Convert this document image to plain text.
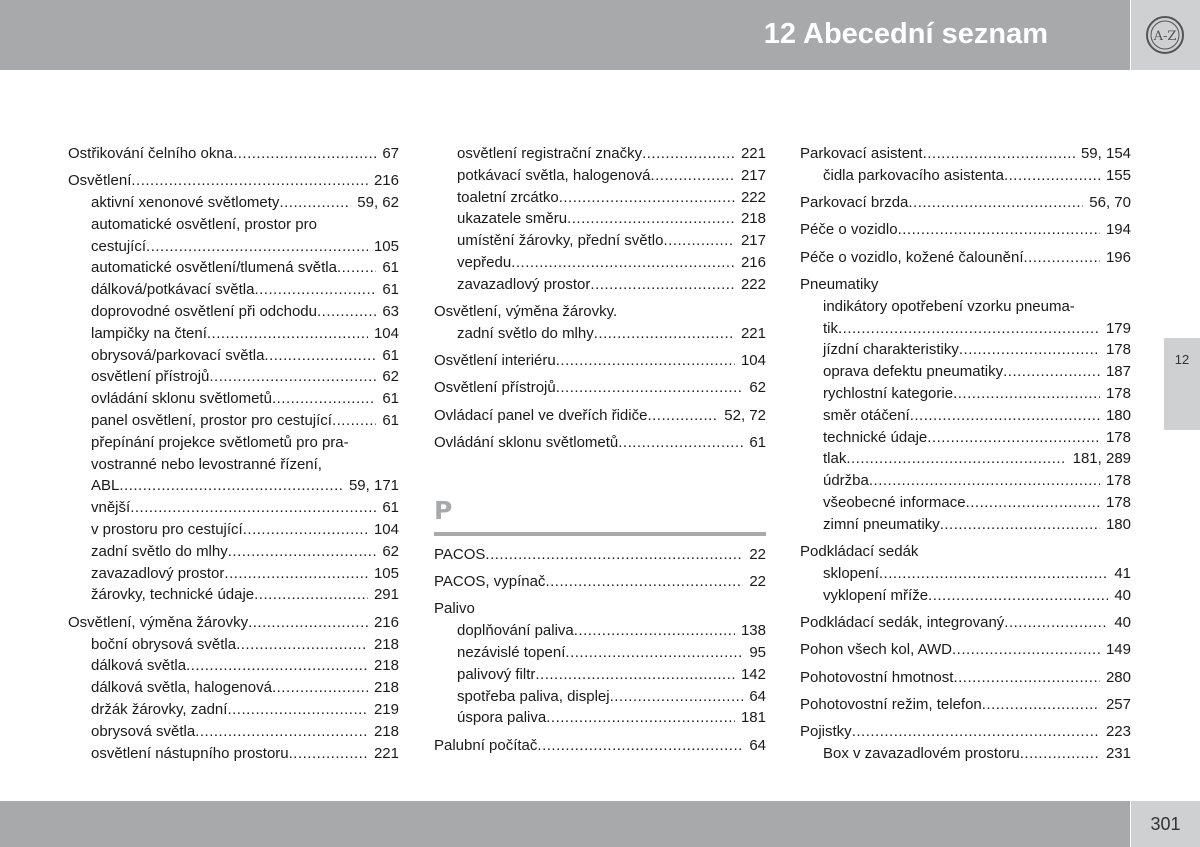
12 Abecední seznam	A-Z
12
Ostřikování čelního okna .....	67
Osvětlení .....	216
aktivní xenonové světlomety .....	59, 62
automatické osvětlení, prostor pro
cestující .....	105
automatické osvětlení/tlumená světla .....	61
dálková/potkávací světla .....	61
doprovodné osvětlení při odchodu .....	63
lampičky na čtení .....	104
obrysová/parkovací světla .....	61
osvětlení přístrojů .....	62
ovládání sklonu světlometů .....	61
panel osvětlení, prostor pro cestující .....	61
přepínání projekce světlometů pro pra-
vostranné nebo levostranné řízení,
ABL .....	59, 171
vnější .....	61
v prostoru pro cestující .....	104
zadní světlo do mlhy .....	62
zavazadlový prostor .....	105
žárovky, technické údaje .....	291
Osvětlení, výměna žárovky .....	216
boční obrysová světla .....	218
dálková světla .....	218
dálková světla, halogenová .....	218
držák žárovky, zadní .....	219
obrysová světla .....	218
osvětlení nástupního prostoru .....	221
osvětlení registrační značky .....	221
potkávací světla, halogenová .....	217
toaletní zrcátko .....	222
ukazatele směru .....	218
umístění žárovky, přední světlo .....	217
vepředu .....	216
zavazadlový prostor .....	222
Osvětlení, výměna žárovky.
zadní světlo do mlhy .....	221
Osvětlení interiéru .....	104
Osvětlení přístrojů .....	62
Ovládací panel ve dveřích řidiče .....	52, 72
Ovládání sklonu světlometů .....	61
P
PACOS .....	22
PACOS, vypínač .....	22
Palivo
doplňování paliva .....	138
nezávislé topení .....	95
palivový filtr .....	142
spotřeba paliva, displej .....	64
úspora paliva .....	181
Palubní počítač .....	64
Parkovací asistent .....	59, 154
čidla parkovacího asistenta .....	155
Parkovací brzda .....	56, 70
Péče o vozidlo .....	194
Péče o vozidlo, kožené čalounění .....	196
Pneumatiky
indikátory opotřebení vzorku pneuma-
tik .....	179
jízdní charakteristiky .....	178
oprava defektu pneumatiky .....	187
rychlostní kategorie .....	178
směr otáčení .....	180
technické údaje .....	178
tlak .....	181, 289
údržba .....	178
všeobecné informace .....	178
zimní pneumatiky .....	180
Podkládací sedák
sklopení .....	41
vyklopení mříže .....	40
Podkládací sedák, integrovaný .....	40
Pohon všech kol, AWD .....	149
Pohotovostní hmotnost .....	280
Pohotovostní režim, telefon .....	257
Pojistky .....	223
Box v zavazadlovém prostoru .....	231
301
